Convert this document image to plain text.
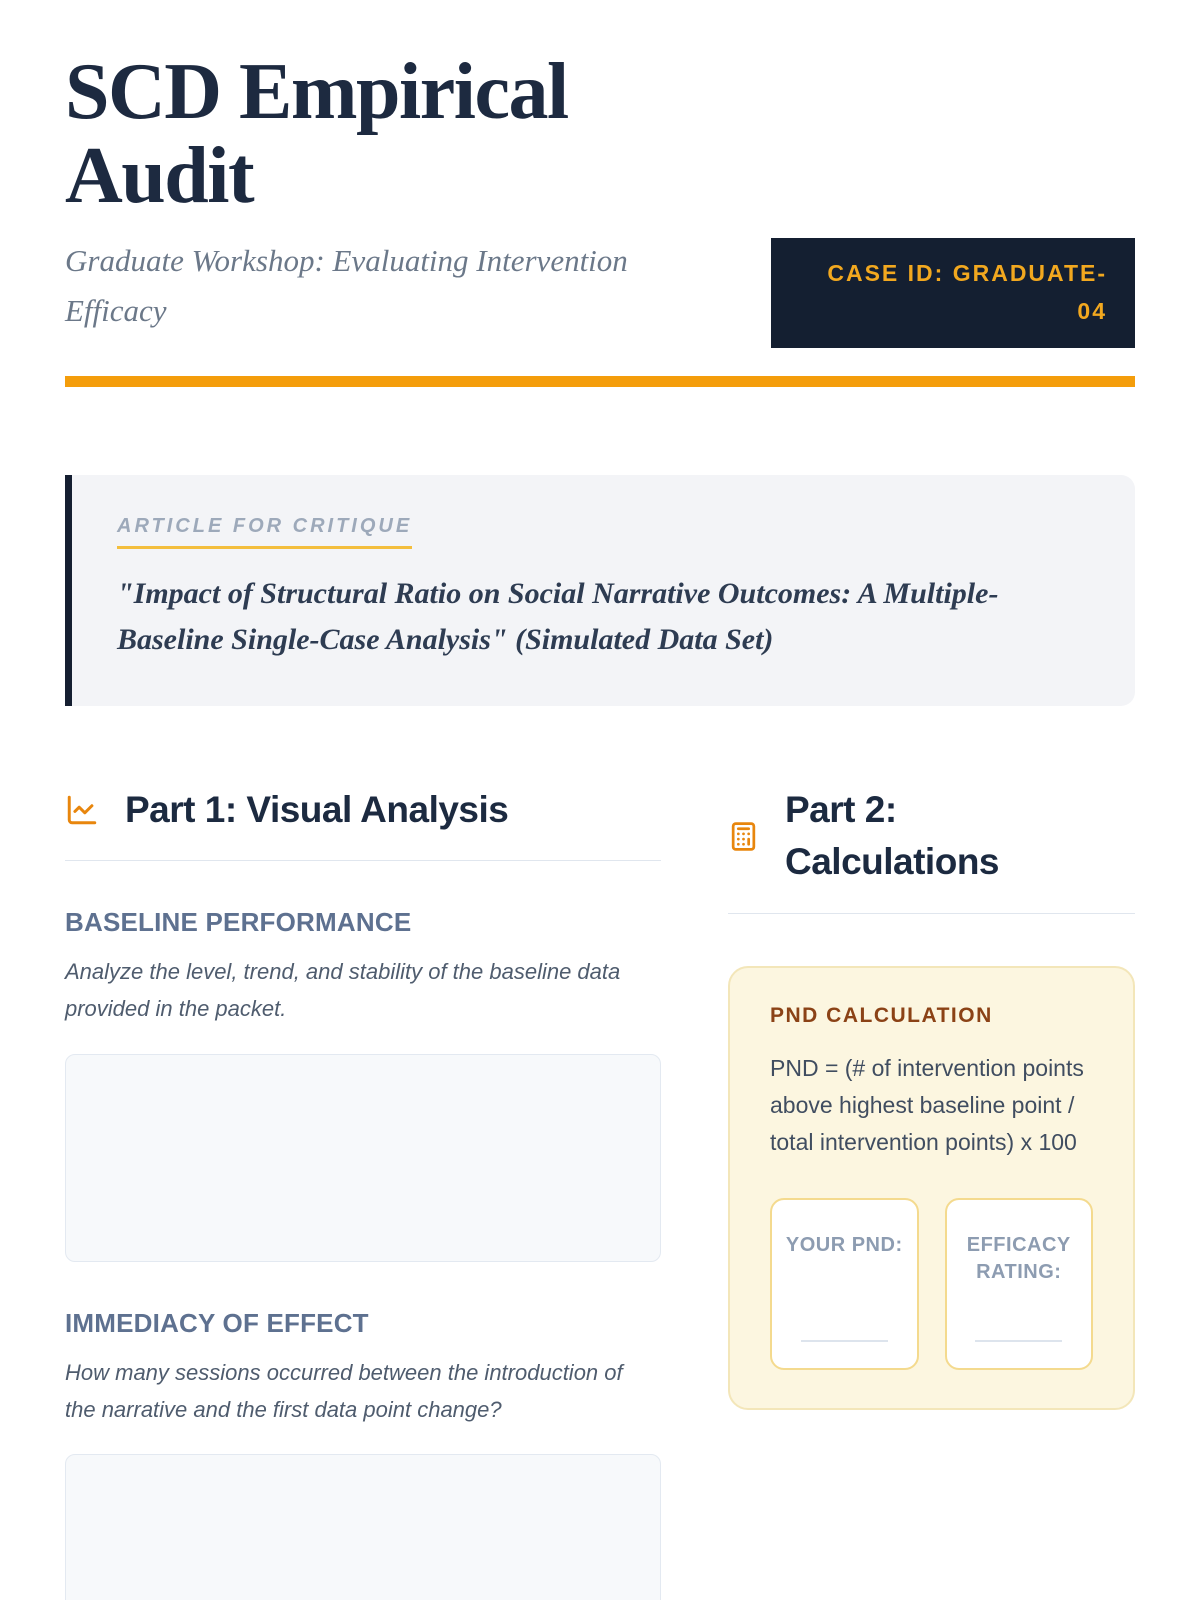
SCD Empirical Audit

Graduate Workshop: Evaluating Intervention Efficacy

CASE ID: GRADUATE-04
ARTICLE FOR CRITIQUE

"Impact of Structural Ratio on Social Narrative Outcomes: A Multiple-Baseline Single-Case Analysis" (Simulated Data Set)

Part 1: Visual Analysis
BASELINE PERFORMANCE

Analyze the level, trend, and stability of the baseline data provided in the packet.

IMMEDIACY OF EFFECT

How many sessions occurred between the introduction of the narrative and the first data point change?

Part 2: Calculations
PND CALCULATION

PND = (# of intervention points above highest baseline point / total intervention points) x 100

YOUR PND:	EFFICACY RATING:
